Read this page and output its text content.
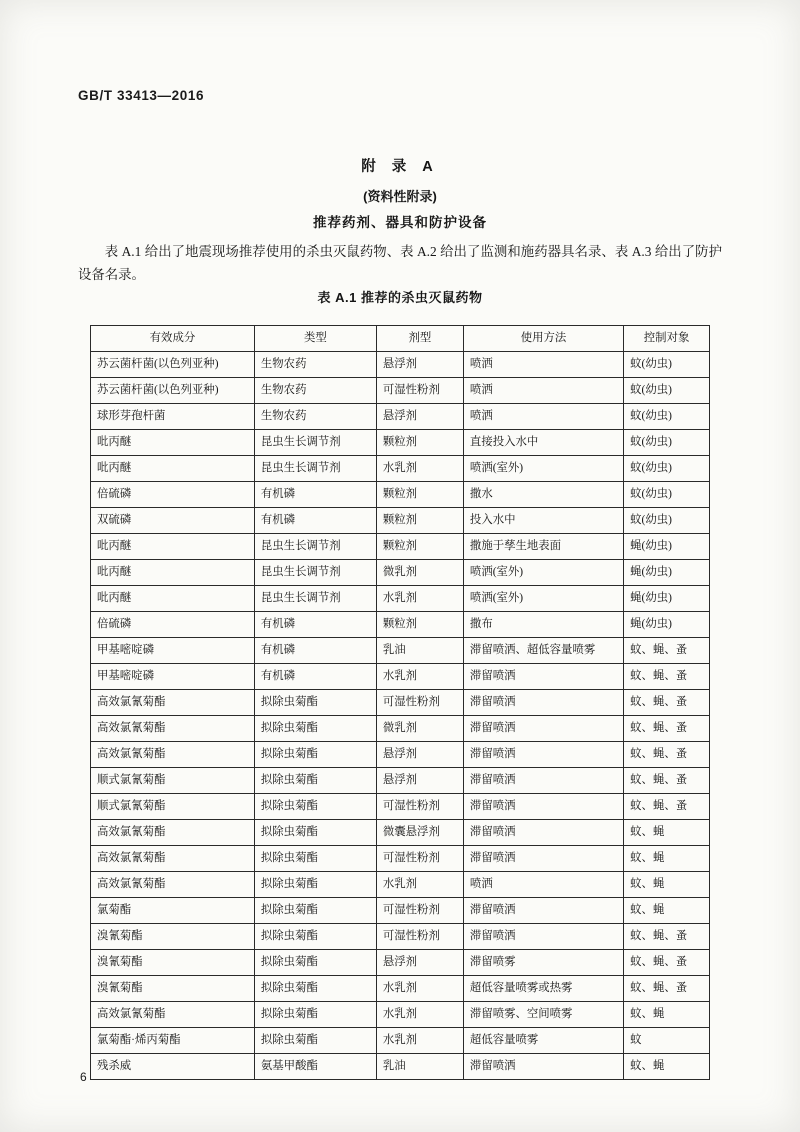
GB/T 33413—2016
附 录 A
(资料性附录)
推荐药剂、器具和防护设备
表 A.1 给出了地震现场推荐使用的杀虫灭鼠药物、表 A.2 给出了监测和施药器具名录、表 A.3 给出了防护设备名录。
表 A.1 推荐的杀虫灭鼠药物
有效成分	类型	剂型	使用方法	控制对象
苏云菌杆菌(以色列亚种)	生物农药	悬浮剂	喷洒	蚊(幼虫)
苏云菌杆菌(以色列亚种)	生物农药	可湿性粉剂	喷洒	蚊(幼虫)
球形芽孢杆菌	生物农药	悬浮剂	喷洒	蚊(幼虫)
吡丙醚	昆虫生长调节剂	颗粒剂	直接投入水中	蚊(幼虫)
吡丙醚	昆虫生长调节剂	水乳剂	喷洒(室外)	蚊(幼虫)
倍硫磷	有机磷	颗粒剂	撒水	蚊(幼虫)
双硫磷	有机磷	颗粒剂	投入水中	蚊(幼虫)
吡丙醚	昆虫生长调节剂	颗粒剂	撒施于孳生地表面	蝇(幼虫)
吡丙醚	昆虫生长调节剂	微乳剂	喷洒(室外)	蝇(幼虫)
吡丙醚	昆虫生长调节剂	水乳剂	喷洒(室外)	蝇(幼虫)
倍硫磷	有机磷	颗粒剂	撒布	蝇(幼虫)
甲基嘧啶磷	有机磷	乳油	滞留喷洒、超低容量喷雾	蚊、蝇、蚤
甲基嘧啶磷	有机磷	水乳剂	滞留喷洒	蚊、蝇、蚤
高效氯氰菊酯	拟除虫菊酯	可湿性粉剂	滞留喷洒	蚊、蝇、蚤
高效氯氰菊酯	拟除虫菊酯	微乳剂	滞留喷洒	蚊、蝇、蚤
高效氯氰菊酯	拟除虫菊酯	悬浮剂	滞留喷洒	蚊、蝇、蚤
顺式氯氰菊酯	拟除虫菊酯	悬浮剂	滞留喷洒	蚊、蝇、蚤
顺式氯氰菊酯	拟除虫菊酯	可湿性粉剂	滞留喷洒	蚊、蝇、蚤
高效氯氰菊酯	拟除虫菊酯	微囊悬浮剂	滞留喷洒	蚊、蝇
高效氯氰菊酯	拟除虫菊酯	可湿性粉剂	滞留喷洒	蚊、蝇
高效氯氰菊酯	拟除虫菊酯	水乳剂	喷洒	蚊、蝇
氯菊酯	拟除虫菊酯	可湿性粉剂	滞留喷洒	蚊、蝇
溴氰菊酯	拟除虫菊酯	可湿性粉剂	滞留喷洒	蚊、蝇、蚤
溴氰菊酯	拟除虫菊酯	悬浮剂	滞留喷雾	蚊、蝇、蚤
溴氰菊酯	拟除虫菊酯	水乳剂	超低容量喷雾或热雾	蚊、蝇、蚤
高效氯氰菊酯	拟除虫菊酯	水乳剂	滞留喷雾、空间喷雾	蚊、蝇
氯菊酯·烯丙菊酯	拟除虫菊酯	水乳剂	超低容量喷雾	蚊
残杀威	氨基甲酸酯	乳油	滞留喷洒	蚊、蝇
6
